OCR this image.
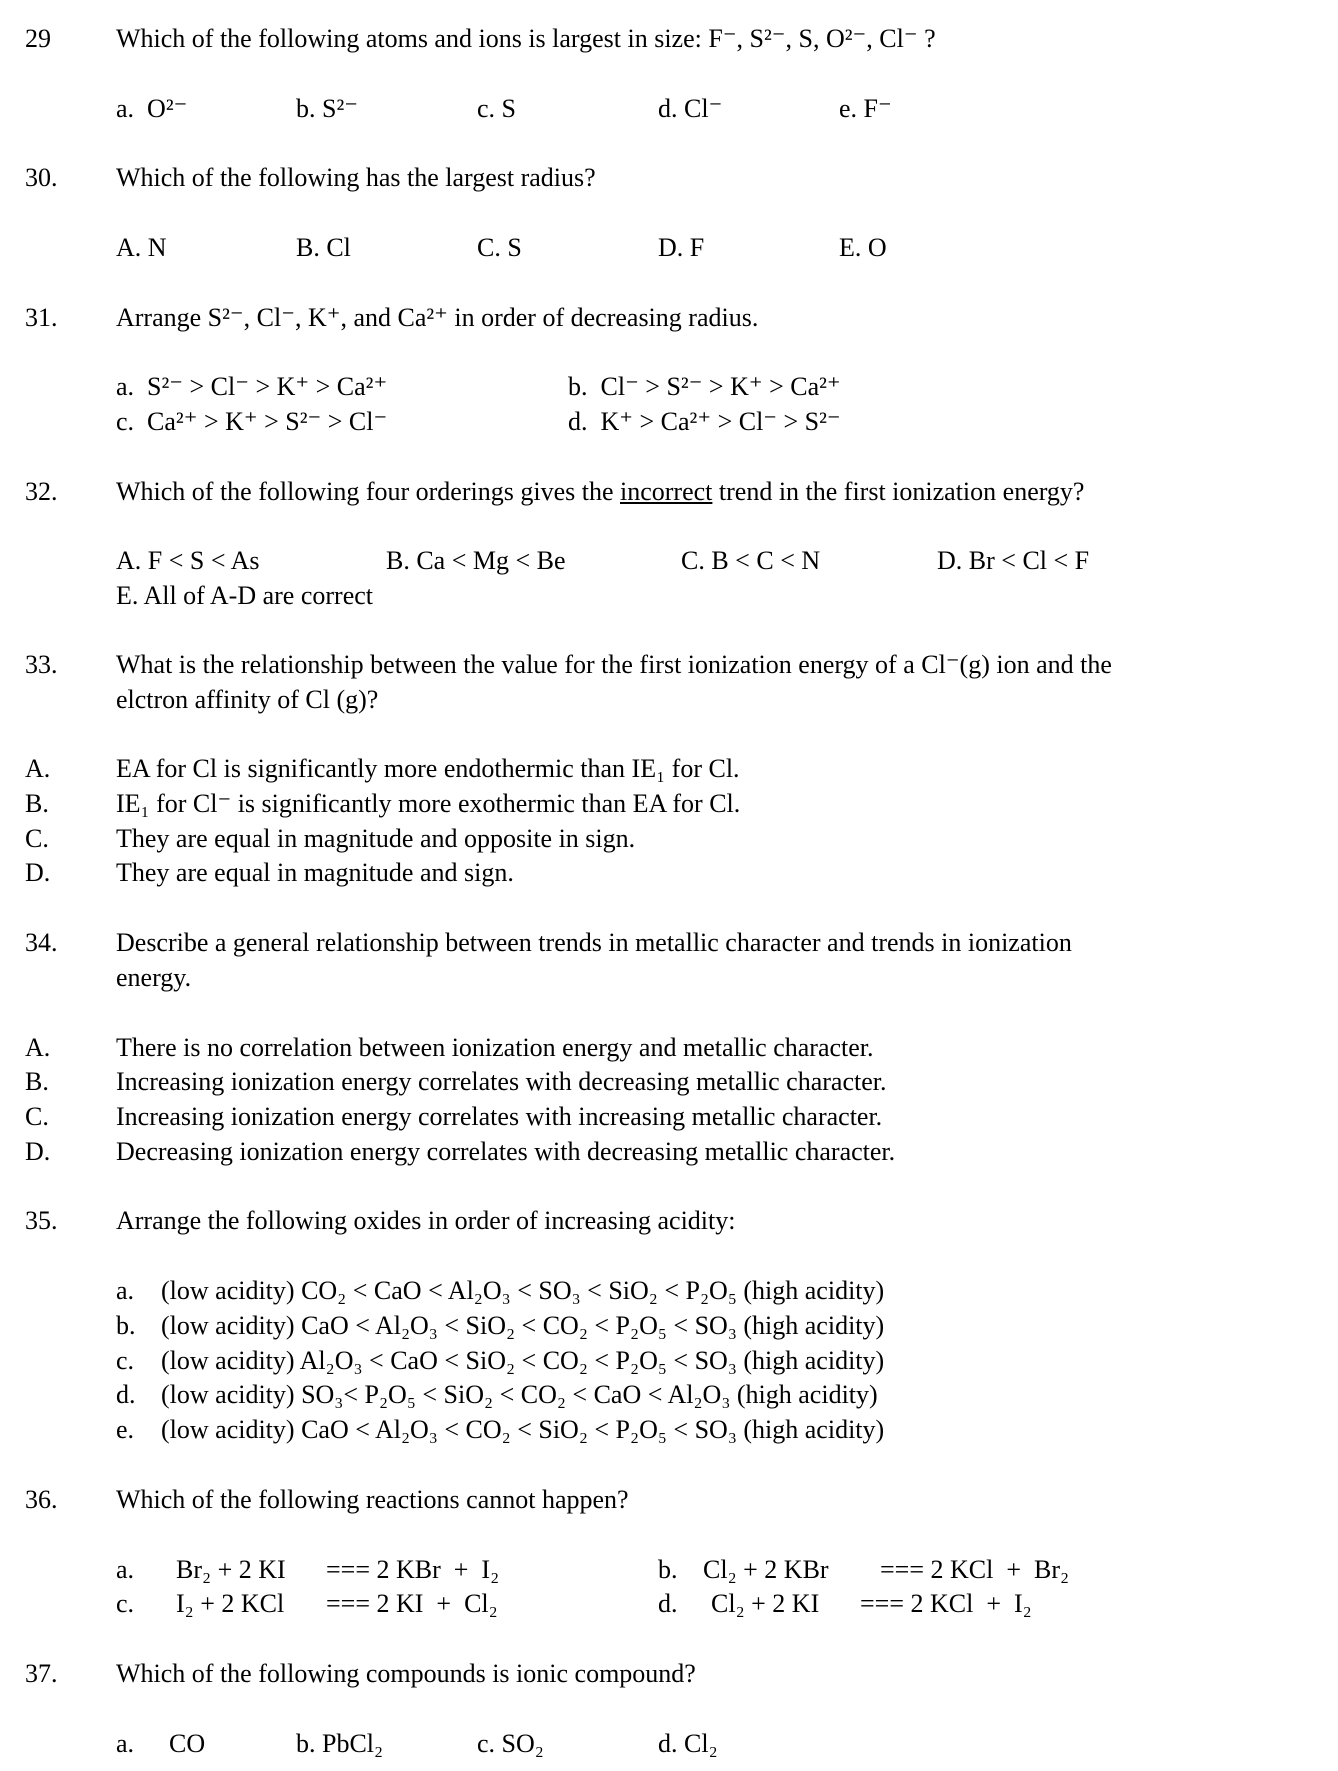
29	Which of the following atoms and ions is largest in size: F⁻, S²⁻, S, O²⁻, Cl⁻ ?
a.  O²⁻	b. S²⁻	c. S	d. Cl⁻	e. F⁻
30. Which of the following has the largest radius?
A. N	B. Cl	C. S	D. F	E. O
31. Arrange S²⁻, Cl⁻, K⁺, and Ca²⁺ in order of decreasing radius.
a.  S²⁻ > Cl⁻ > K⁺ > Ca²⁺	b.  Cl⁻ > S²⁻ > K⁺ > Ca²⁺
c.  Ca²⁺ > K⁺ > S²⁻ > Cl⁻	d.  K⁺ > Ca²⁺ > Cl⁻ > S²⁻
32. Which of the following four orderings gives the incorrect trend in the first ionization energy?
A. F < S < As	B. Ca < Mg < Be	C. B < C < N	D. Br < Cl < F
E. All of A-D are correct
33. What is the relationship between the value for the first ionization energy of a Cl⁻(g) ion and the
elctron affinity of Cl (g)?
A.	EA for Cl is significantly more endothermic than IE₁ for Cl.
B.	IE₁ for Cl⁻ is significantly more exothermic than EA for Cl.
C.	They are equal in magnitude and opposite in sign.
D.	They are equal in magnitude and sign.
34. Describe a general relationship between trends in metallic character and trends in ionization
energy.
A.	There is no correlation between ionization energy and metallic character.
B.	Increasing ionization energy correlates with decreasing metallic character.
C.	Increasing ionization energy correlates with increasing metallic character.
D.	Decreasing ionization energy correlates with decreasing metallic character.
35. Arrange the following oxides in order of increasing acidity:
a. (low acidity) CO₂ < CaO < Al₂O₃ < SO₃ < SiO₂ < P₂O₅ (high acidity)
b. (low acidity) CaO < Al₂O₃ < SiO₂ < CO₂ < P₂O₅ < SO₃ (high acidity)
c. (low acidity) Al₂O₃ < CaO < SiO₂ < CO₂ < P₂O₅ < SO₃ (high acidity)
d. (low acidity) SO₃< P₂O₅ < SiO₂ < CO₂ < CaO < Al₂O₃ (high acidity)
e. (low acidity) CaO < Al₂O₃ < CO₂ < SiO₂ < P₂O₅ < SO₃ (high acidity)
36. Which of the following reactions cannot happen?
a. Br₂ + 2 KI === 2 KBr  +  I₂	b. Cl₂ + 2 KBr === 2 KCl  +  Br₂
c. I₂ + 2 KCl === 2 KI  +  Cl₂	d. Cl₂ + 2 KI === 2 KCl  +  I₂
37. Which of the following compounds is ionic compound?
a. CO	b. PbCl₂	c. SO₂	d. Cl₂
